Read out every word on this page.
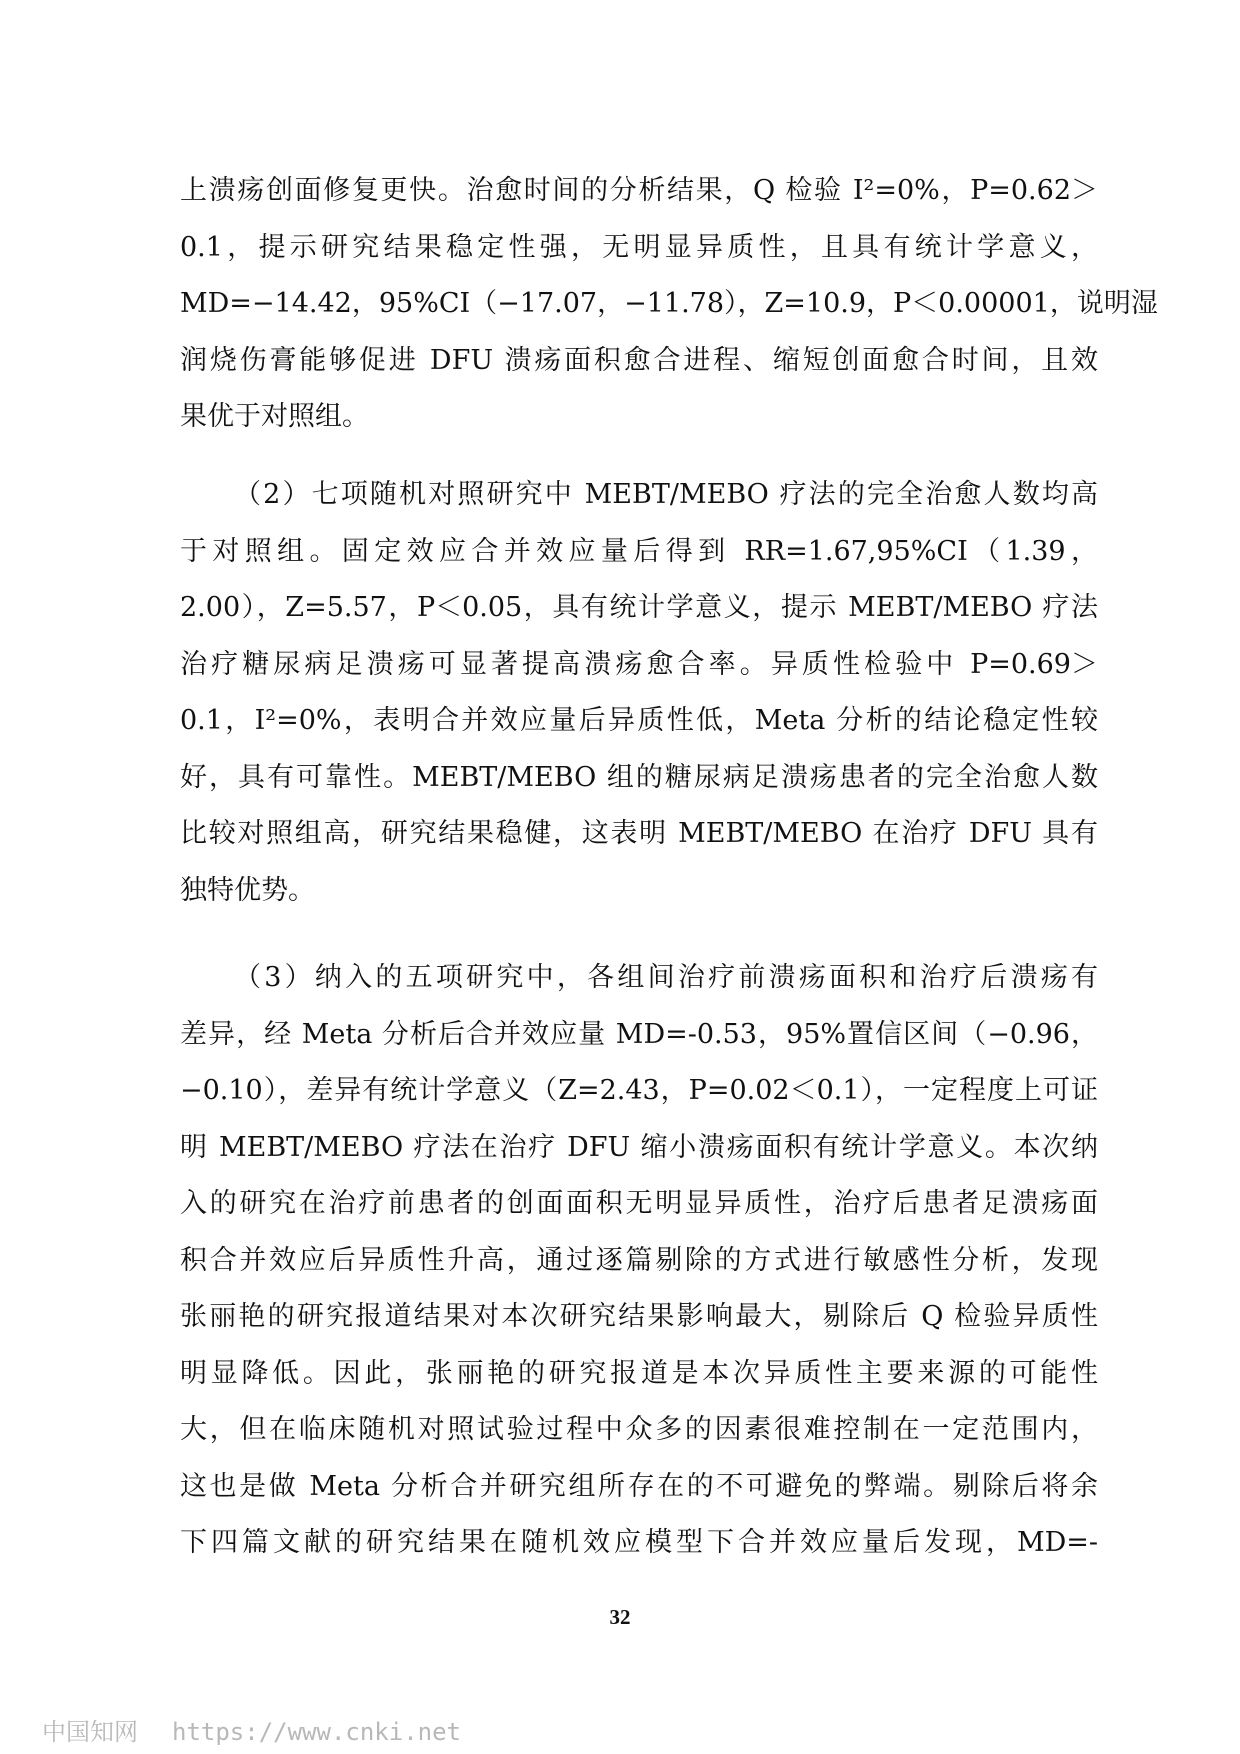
上溃疡创面修复更快。治愈时间的分析结果，Q 检验 I²=0%，P=0.62＞
0.1，提示研究结果稳定性强，无明显异质性，且具有统计学意义，
MD=−14.42，95%CI（−17.07，−11.78），Z=10.9，P＜0.00001，说明湿
润烧伤膏能够促进 DFU 溃疡面积愈合进程、缩短创面愈合时间，且效
果优于对照组。
（2）七项随机对照研究中 MEBT/MEBO 疗法的完全治愈人数均高
于对照组。固定效应合并效应量后得到 RR=1.67,95%CI（1.39，
2.00），Z=5.57，P＜0.05，具有统计学意义，提示 MEBT/MEBO 疗法
治疗糖尿病足溃疡可显著提高溃疡愈合率。异质性检验中 P=0.69＞
0.1，I²=0%，表明合并效应量后异质性低，Meta 分析的结论稳定性较
好，具有可靠性。MEBT/MEBO 组的糖尿病足溃疡患者的完全治愈人数
比较对照组高，研究结果稳健，这表明 MEBT/MEBO 在治疗 DFU 具有
独特优势。
（3）纳入的五项研究中，各组间治疗前溃疡面积和治疗后溃疡有
差异，经 Meta 分析后合并效应量 MD=-0.53，95%置信区间（−0.96，
−0.10），差异有统计学意义（Z=2.43，P=0.02＜0.1），一定程度上可证
明 MEBT/MEBO 疗法在治疗 DFU 缩小溃疡面积有统计学意义。本次纳
入的研究在治疗前患者的创面面积无明显异质性，治疗后患者足溃疡面
积合并效应后异质性升高，通过逐篇剔除的方式进行敏感性分析，发现
张丽艳的研究报道结果对本次研究结果影响最大，剔除后 Q 检验异质性
明显降低。因此，张丽艳的研究报道是本次异质性主要来源的可能性
大，但在临床随机对照试验过程中众多的因素很难控制在一定范围内，
这也是做 Meta 分析合并研究组所存在的不可避免的弊端。剔除后将余
下四篇文献的研究结果在随机效应模型下合并效应量后发现，MD=-
32
中国知网 https://www.cnki.net
